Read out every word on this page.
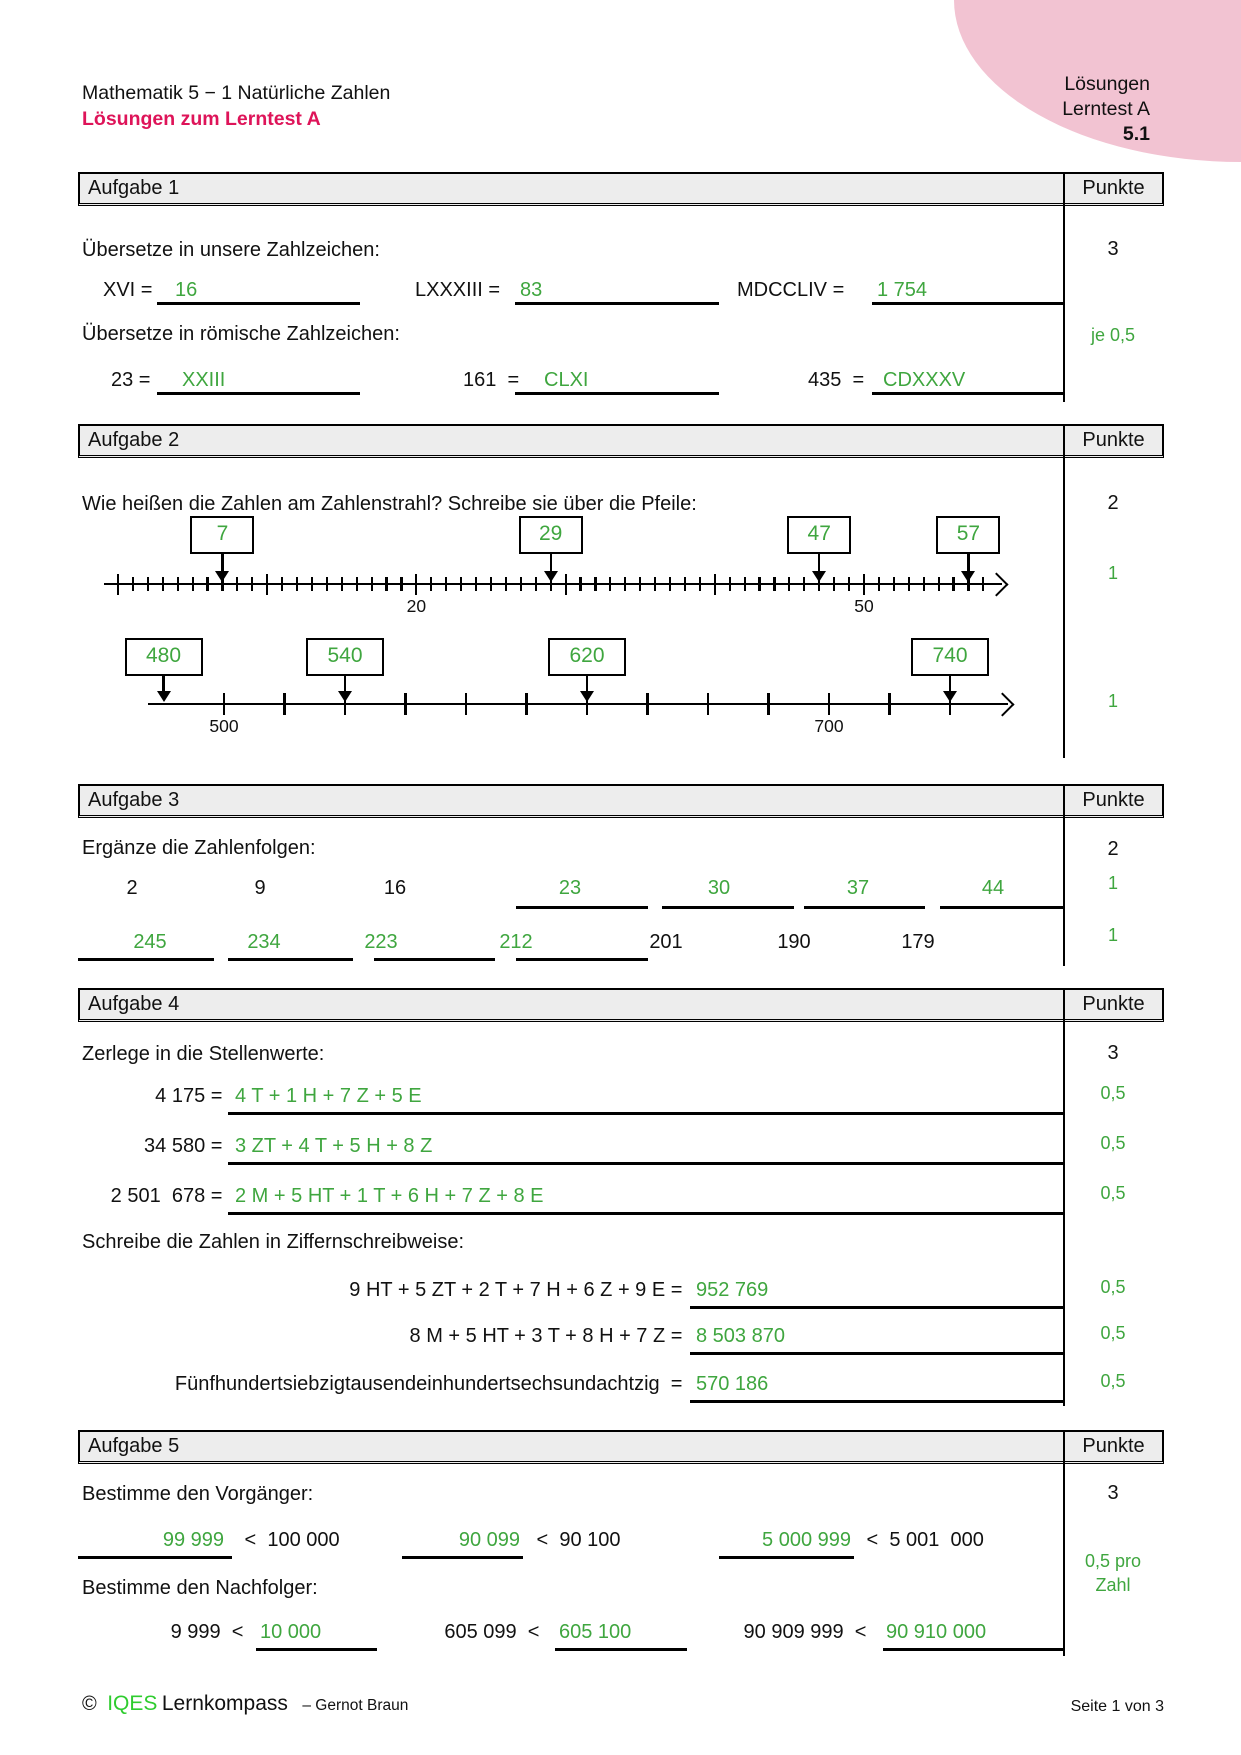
Lösungen
Lerntest A
5.1
Mathematik 5 − 1 Natürliche Zahlen
Lösungen zum Lerntest A
Aufgabe 1	Punkte
Übersetze in unsere Zahlzeichen:
Übersetze in römische Zahlzeichen:
XVI = 16	LXXXIII = 83	MDCCLIV = 1 754
23 = XXIII	161  = CLXI	435  = CDXXXV
3
je 0,5
Aufgabe 2	Punkte
Wie heißen die Zahlen am Zahlenstrahl? Schreibe sie über die Pfeile:
20	50
7	29	47	57
500	700
480	540	620	740
2
1
1
Aufgabe 3	Punkte
Ergänze die Zahlenfolgen:
2	9	16	23	30	37	44
245	234	223	212	201	190	179
2
1
1
Aufgabe 4	Punkte
Zerlege in die Stellenwerte:
Schreibe die Zahlen in Ziffernschreibweise:
4 175 = 4 T + 1 H + 7 Z + 5 E
34 580 = 3 ZT + 4 T + 5 H + 8 Z
2 501  678 = 2 M + 5 HT + 1 T + 6 H + 7 Z + 8 E
9 HT + 5 ZT + 2 T + 7 H + 6 Z + 9 E = 952 769
8 M + 5 HT + 3 T + 8 H + 7 Z = 8 503 870
Fünfhundertsiebzigtausendeinhundertsechsundachtzig  = 570 186
3
0,5
0,5
0,5
0,5
0,5
0,5
Aufgabe 5	Punkte
Bestimme den Vorgänger:
Bestimme den Nachfolger:
99 999 <  100 000	90 099 <  90 100	5 000 999 <  5 001  000
9 999  < 10 000	605 099  < 605 100	90 909 999  < 90 910 000
3
0,5 pro
Zahl
© IQES Lernkompass – Gernot Braun	Seite 1 von 3
